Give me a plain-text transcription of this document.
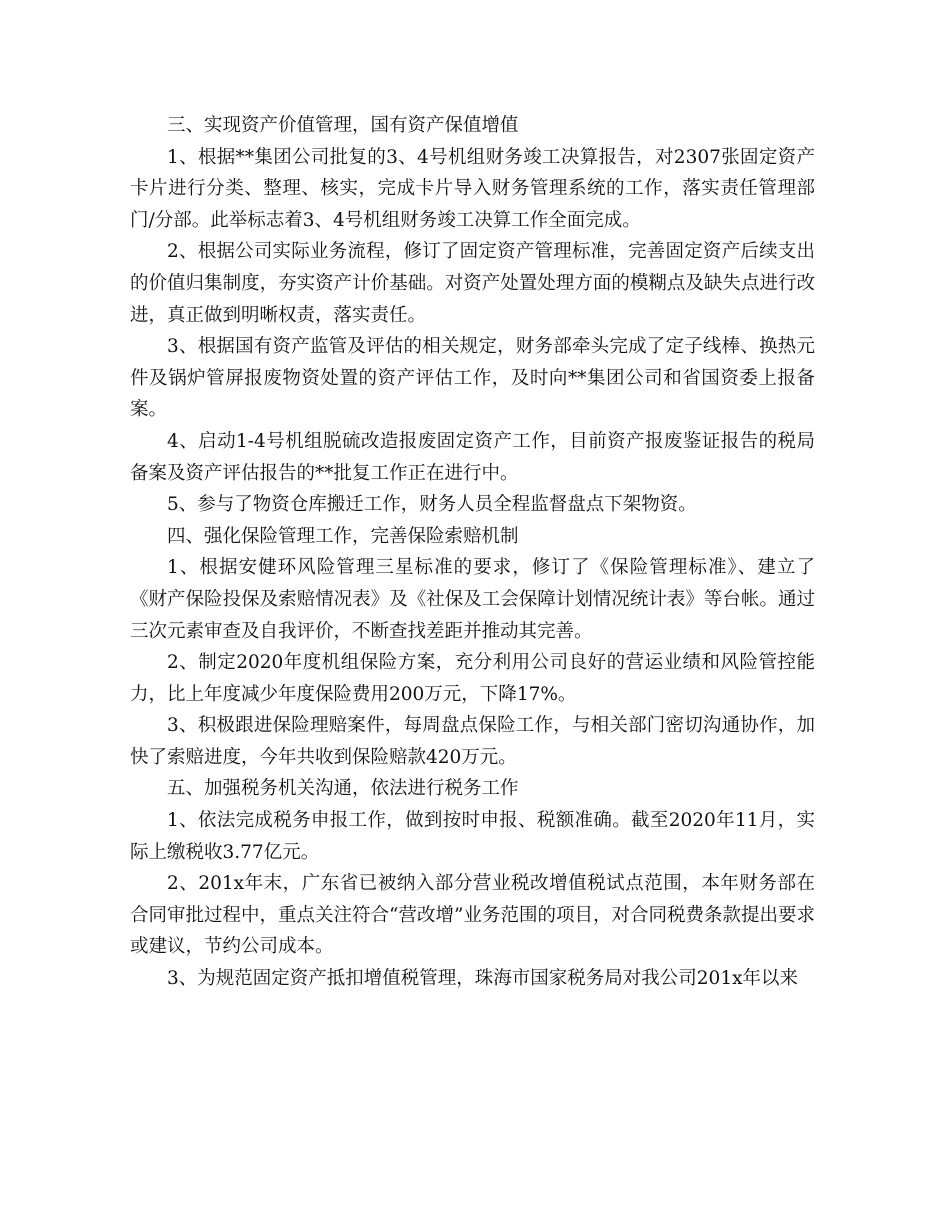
三、实现资产价值管理，国有资产保值增值

1、根据**集团公司批复的3、4号机组财务竣工决算报告，对2307张固定资产卡片进行分类、整理、核实，完成卡片导入财务管理系统的工作，落实责任管理部门/分部。此举标志着3、4号机组财务竣工决算工作全面完成。

2、根据公司实际业务流程，修订了固定资产管理标准，完善固定资产后续支出的价值归集制度，夯实资产计价基础。对资产处置处理方面的模糊点及缺失点进行改进，真正做到明晰权责，落实责任。

3、根据国有资产监管及评估的相关规定，财务部牵头完成了定子线棒、换热元件及锅炉管屏报废物资处置的资产评估工作，及时向**集团公司和省国资委上报备案。

4、启动1-4号机组脱硫改造报废固定资产工作，目前资产报废鉴证报告的税局备案及资产评估报告的**批复工作正在进行中。

5、参与了物资仓库搬迁工作，财务人员全程监督盘点下架物资。

四、强化保险管理工作，完善保险索赔机制

1、根据安健环风险管理三星标准的要求，修订了《保险管理标准》、建立了《财产保险投保及索赔情况表》及《社保及工会保障计划情况统计表》等台帐。通过三次元素审查及自我评价，不断查找差距并推动其完善。

2、制定2020年度机组保险方案，充分利用公司良好的营运业绩和风险管控能力，比上年度减少年度保险费用200万元，下降17%。

3、积极跟进保险理赔案件，每周盘点保险工作，与相关部门密切沟通协作，加快了索赔进度，今年共收到保险赔款420万元。

五、加强税务机关沟通，依法进行税务工作

1、依法完成税务申报工作，做到按时申报、税额准确。截至2020年11月，实际上缴税收3.77亿元。

2、201x年末，广东省已被纳入部分营业税改增值税试点范围，本年财务部在合同审批过程中，重点关注符合“营改增”业务范围的项目，对合同税费条款提出要求或建议，节约公司成本。

3、为规范固定资产抵扣增值税管理，珠海市国家税务局对我公司201x年以来
